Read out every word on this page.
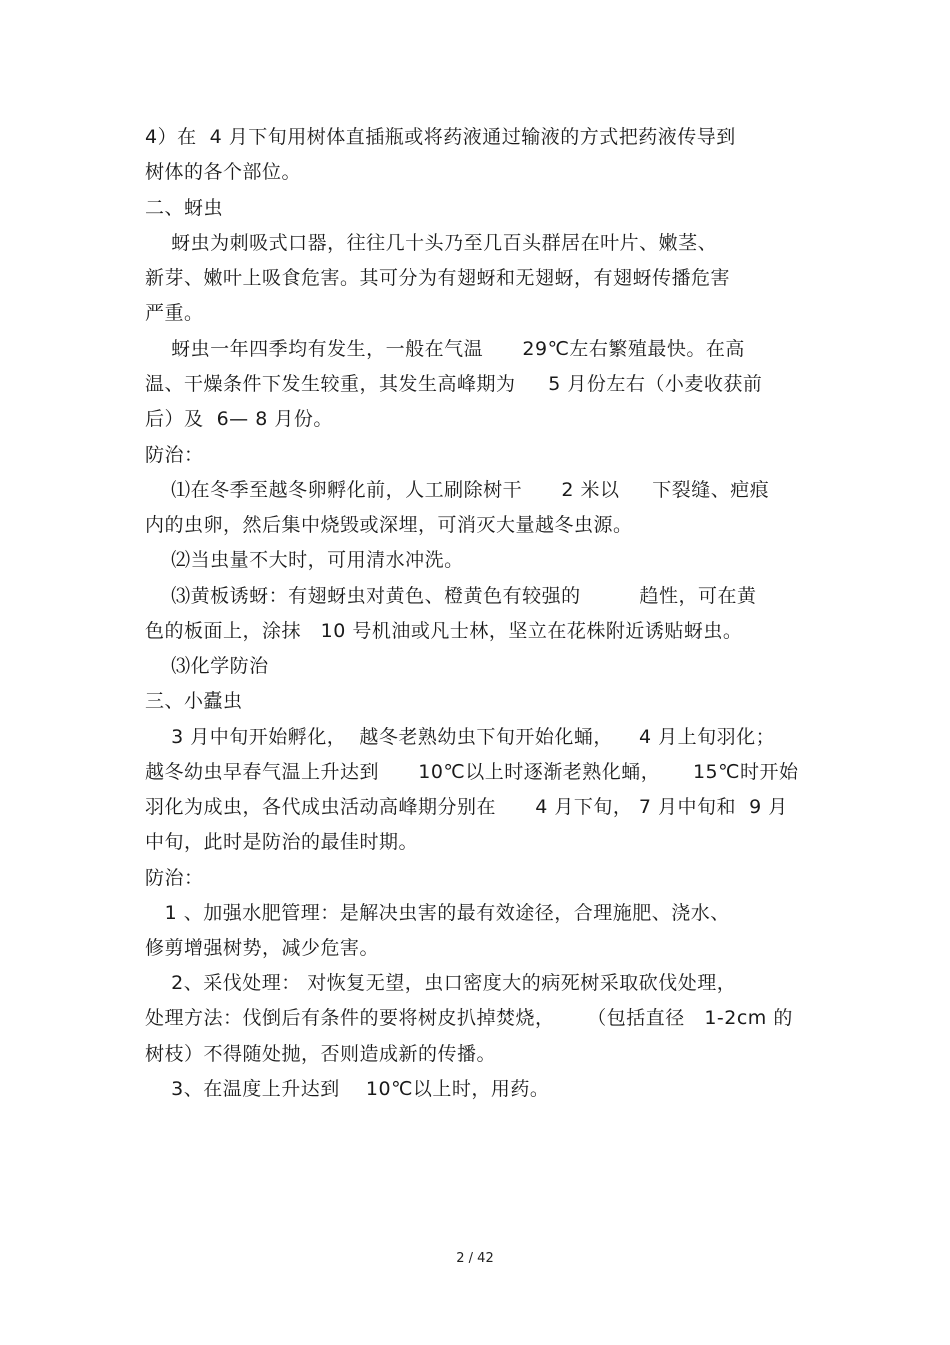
4）在  4 月下旬用树体直插瓶或将药液通过输液的方式把药液传导到
树体的各个部位。
二、蚜虫
蚜虫为刺吸式口器，往往几十头乃至几百头群居在叶片、嫩茎、
新芽、嫩叶上吸食危害。其可分为有翅蚜和无翅蚜，有翅蚜传播危害
严重。
蚜虫一年四季均有发生，一般在气温      29℃左右繁殖最快。在高
温、干燥条件下发生较重，其发生高峰期为     5 月份左右（小麦收获前
后）及  6— 8 月份。
防治：
⑴在冬季至越冬卵孵化前，人工刷除树干      2 米以     下裂缝、疤痕
内的虫卵，然后集中烧毁或深埋，可消灭大量越冬虫源。
⑵当虫量不大时，可用清水冲洗。
⑶黄板诱蚜：有翅蚜虫对黄色、橙黄色有较强的         趋性，可在黄
色的板面上，涂抹   10 号机油或凡士林，坚立在花株附近诱贴蚜虫。
⑶化学防治
三、小蠹虫
3 月中旬开始孵化，  越冬老熟幼虫下旬开始化蛹，    4 月上旬羽化；
越冬幼虫早春气温上升达到      10℃以上时逐渐老熟化蛹，     15℃时开始
羽化为成虫，各代成虫活动高峰期分别在      4 月下旬， 7 月中旬和  9 月
中旬，此时是防治的最佳时期。
防治：
1 、加强水肥管理：是解决虫害的最有效途径，合理施肥、浇水、
修剪增强树势，减少危害。
2、采伐处理： 对恢复无望，虫口密度大的病死树采取砍伐处理，
处理方法：伐倒后有条件的要将树皮扒掉焚烧，     （包括直径   1-2cm 的
树枝）不得随处抛，否则造成新的传播。
3、在温度上升达到    10℃以上时，用药。
2 / 42
